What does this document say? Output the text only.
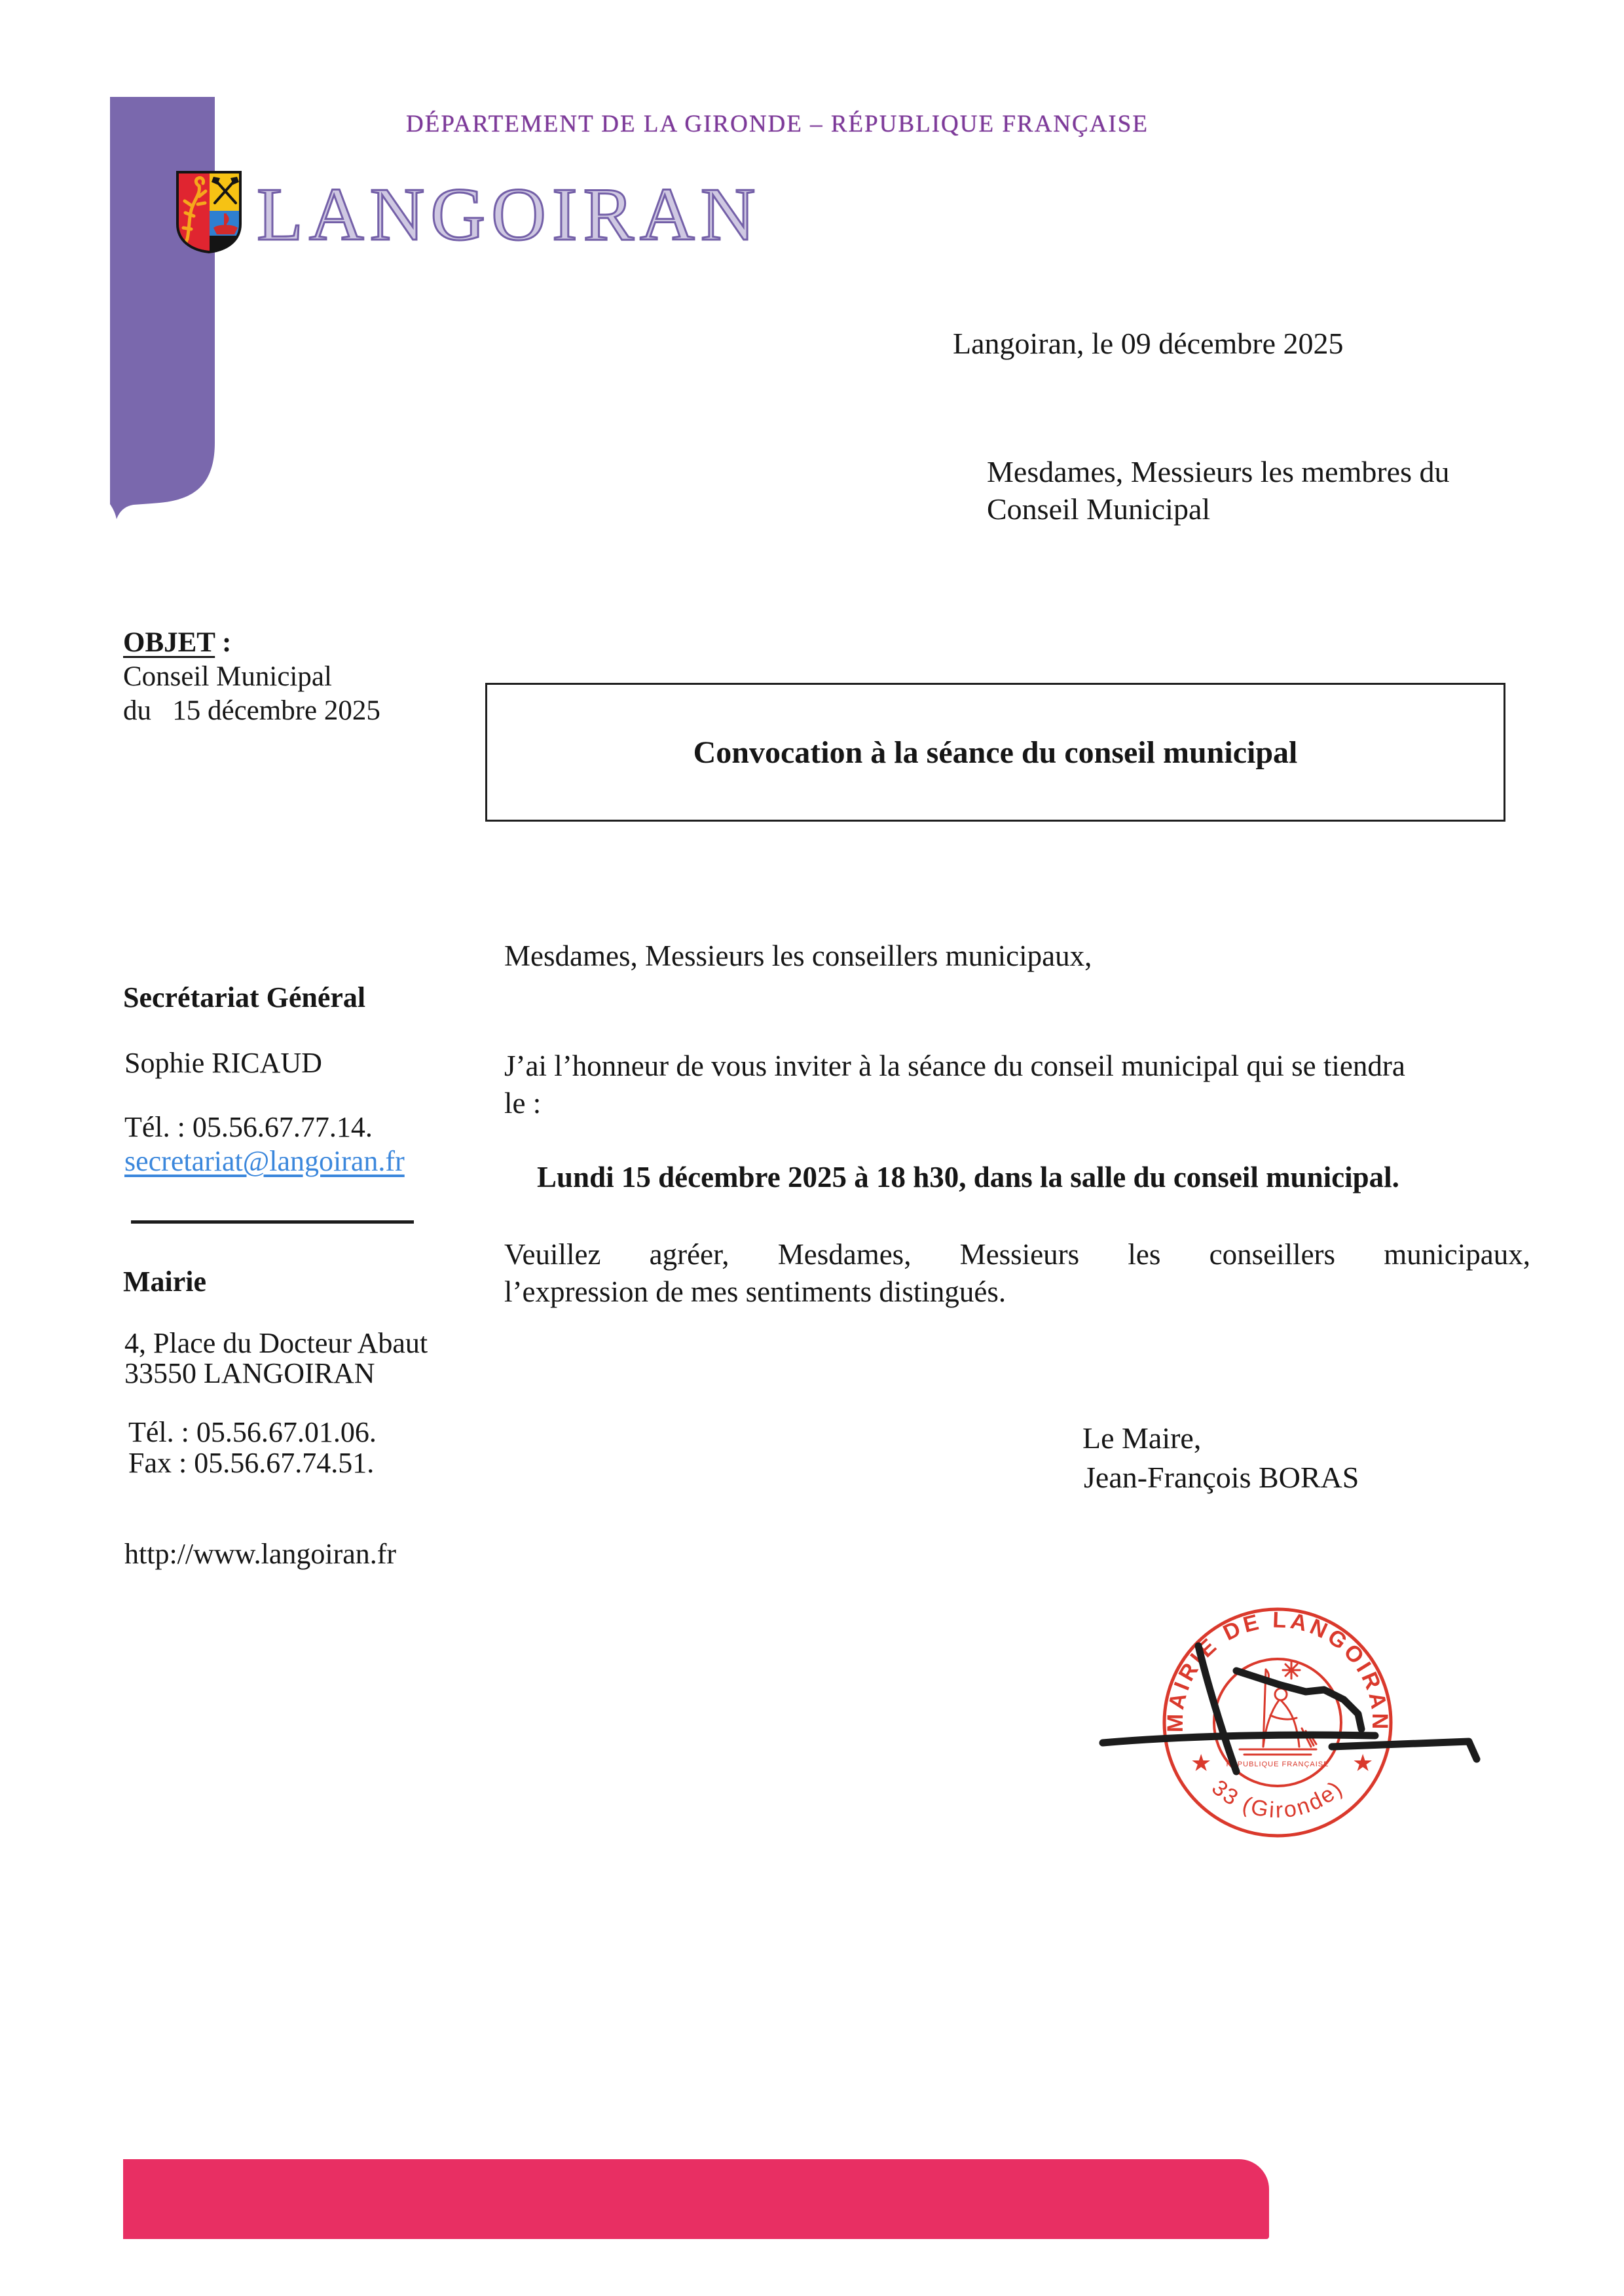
DÉPARTEMENT DE LA GIRONDE – RÉPUBLIQUE FRANÇAISE
LANGOIRAN
Langoiran, le 09 décembre 2025
Mesdames, Messieurs les membres du
Conseil Municipal
OBJET :
Conseil Municipal
du   15 décembre 2025
Convocation à la séance du conseil municipal
Mesdames, Messieurs les conseillers municipaux,
J’ai l’honneur de vous inviter à la séance du conseil municipal qui se tiendra
le :
Lundi 15 décembre 2025 à 18 h30, dans la salle du conseil municipal.
Veuillez agréer, Mesdames, Messieurs les conseillers municipaux,
l’expression de mes sentiments distingués.
Secrétariat Général
Sophie RICAUD
Tél. : 05.56.67.77.14.
secretariat@langoiran.fr
Mairie
4, Place du Docteur Abaut
33550 LANGOIRAN
Tél. : 05.56.67.01.06.
Fax : 05.56.67.74.51.
http://www.langoiran.fr
Le Maire,
Jean-François BORAS
MAIRIE DE LANGOIRAN
33 (Gironde)
RÉPUBLIQUE FRANÇAISE
★	★
